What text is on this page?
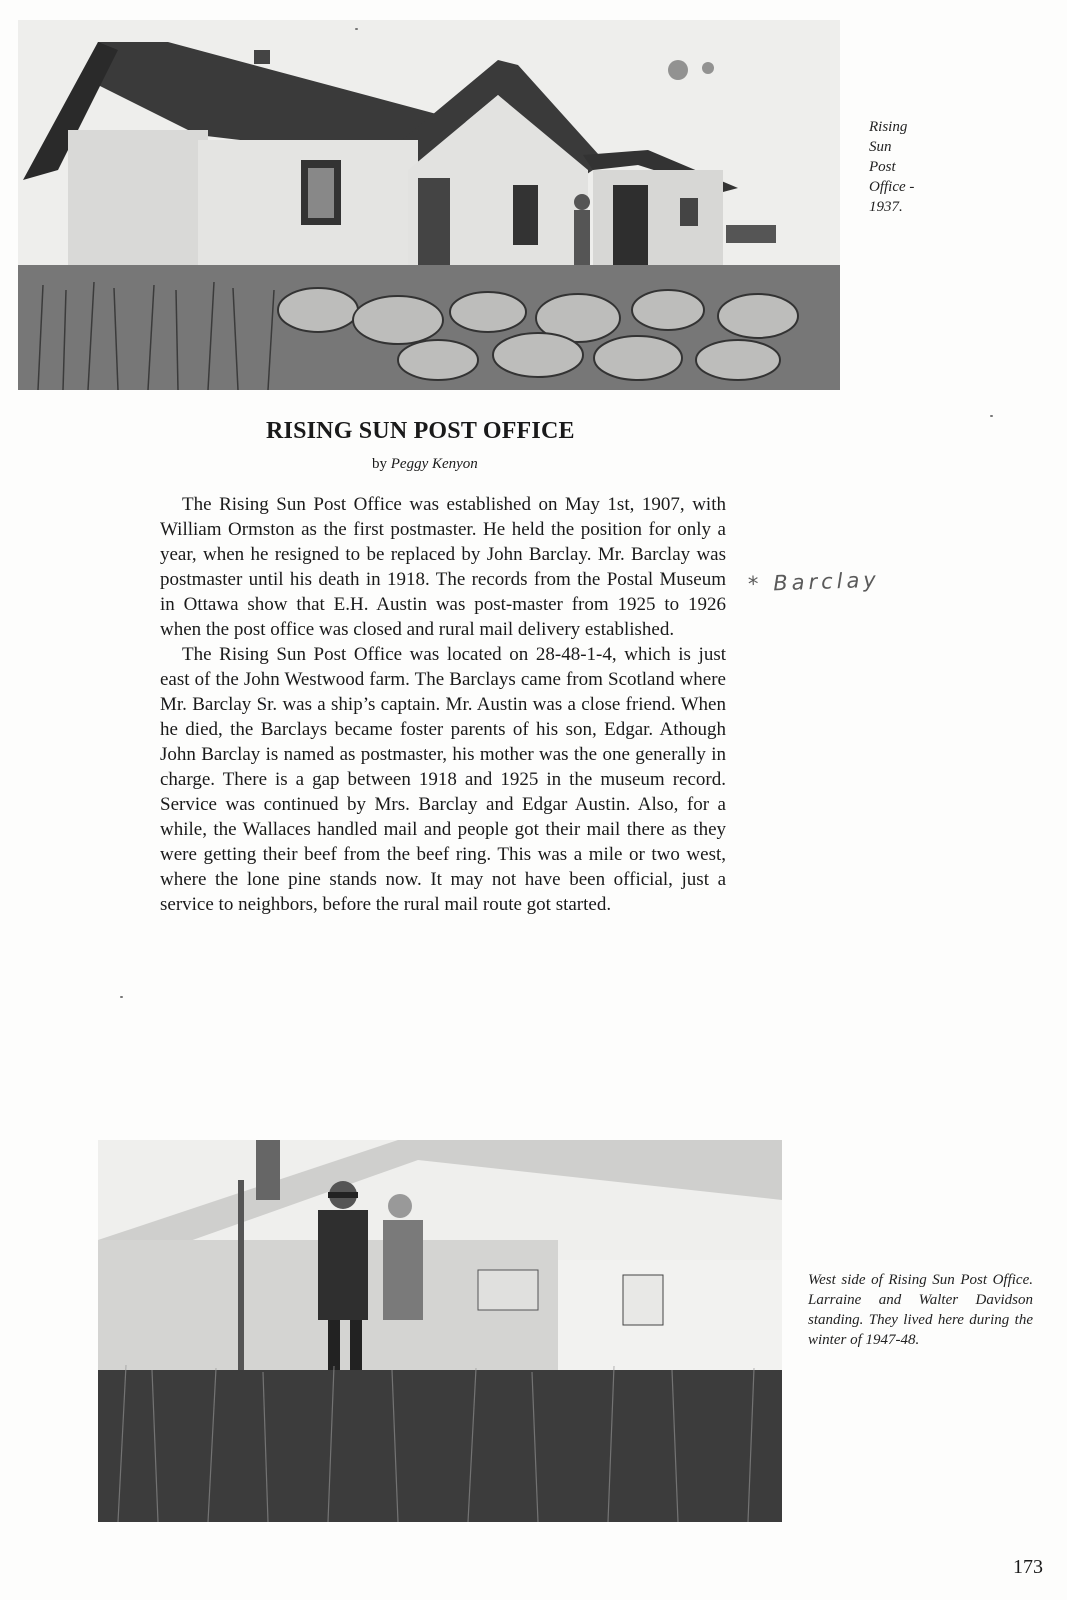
Rising
Sun
Post
Office -
1937.
RISING SUN POST OFFICE
by Peggy Kenyon

The Rising Sun Post Office was established on May 1st, 1907, with William Ormston as the first postmaster. He held the position for only a year, when he resigned to be replaced by John Barclay. Mr. Barclay was postmaster until his death in 1918. The records from the Postal Museum in Ottawa show that E.H. Austin was post-master from 1925 to 1926 when the post office was closed and rural mail delivery established.

The Rising Sun Post Office was located on 28-48-1-4, which is just east of the John Westwood farm. The Barclays came from Scotland where Mr. Barclay Sr. was a ship’s captain. Mr. Austin was a close friend. When he died, the Barclays became foster parents of his son, Edgar. Athough John Barclay is named as postmaster, his mother was the one generally in charge. There is a gap between 1918 and 1925 in the museum record. Service was continued by Mrs. Barclay and Edgar Austin. Also, for a while, the Wallaces handled mail and people got their mail there as they were getting their beef from the beef ring. This was a mile or two west, where the lone pine stands now. It may not have been official, just a service to neighbors, before the rural mail route got started.

* Barclay
West side of Rising Sun Post Office. Larraine and Walter Davidson standing. They lived here during the winter of 1947-48.
173
